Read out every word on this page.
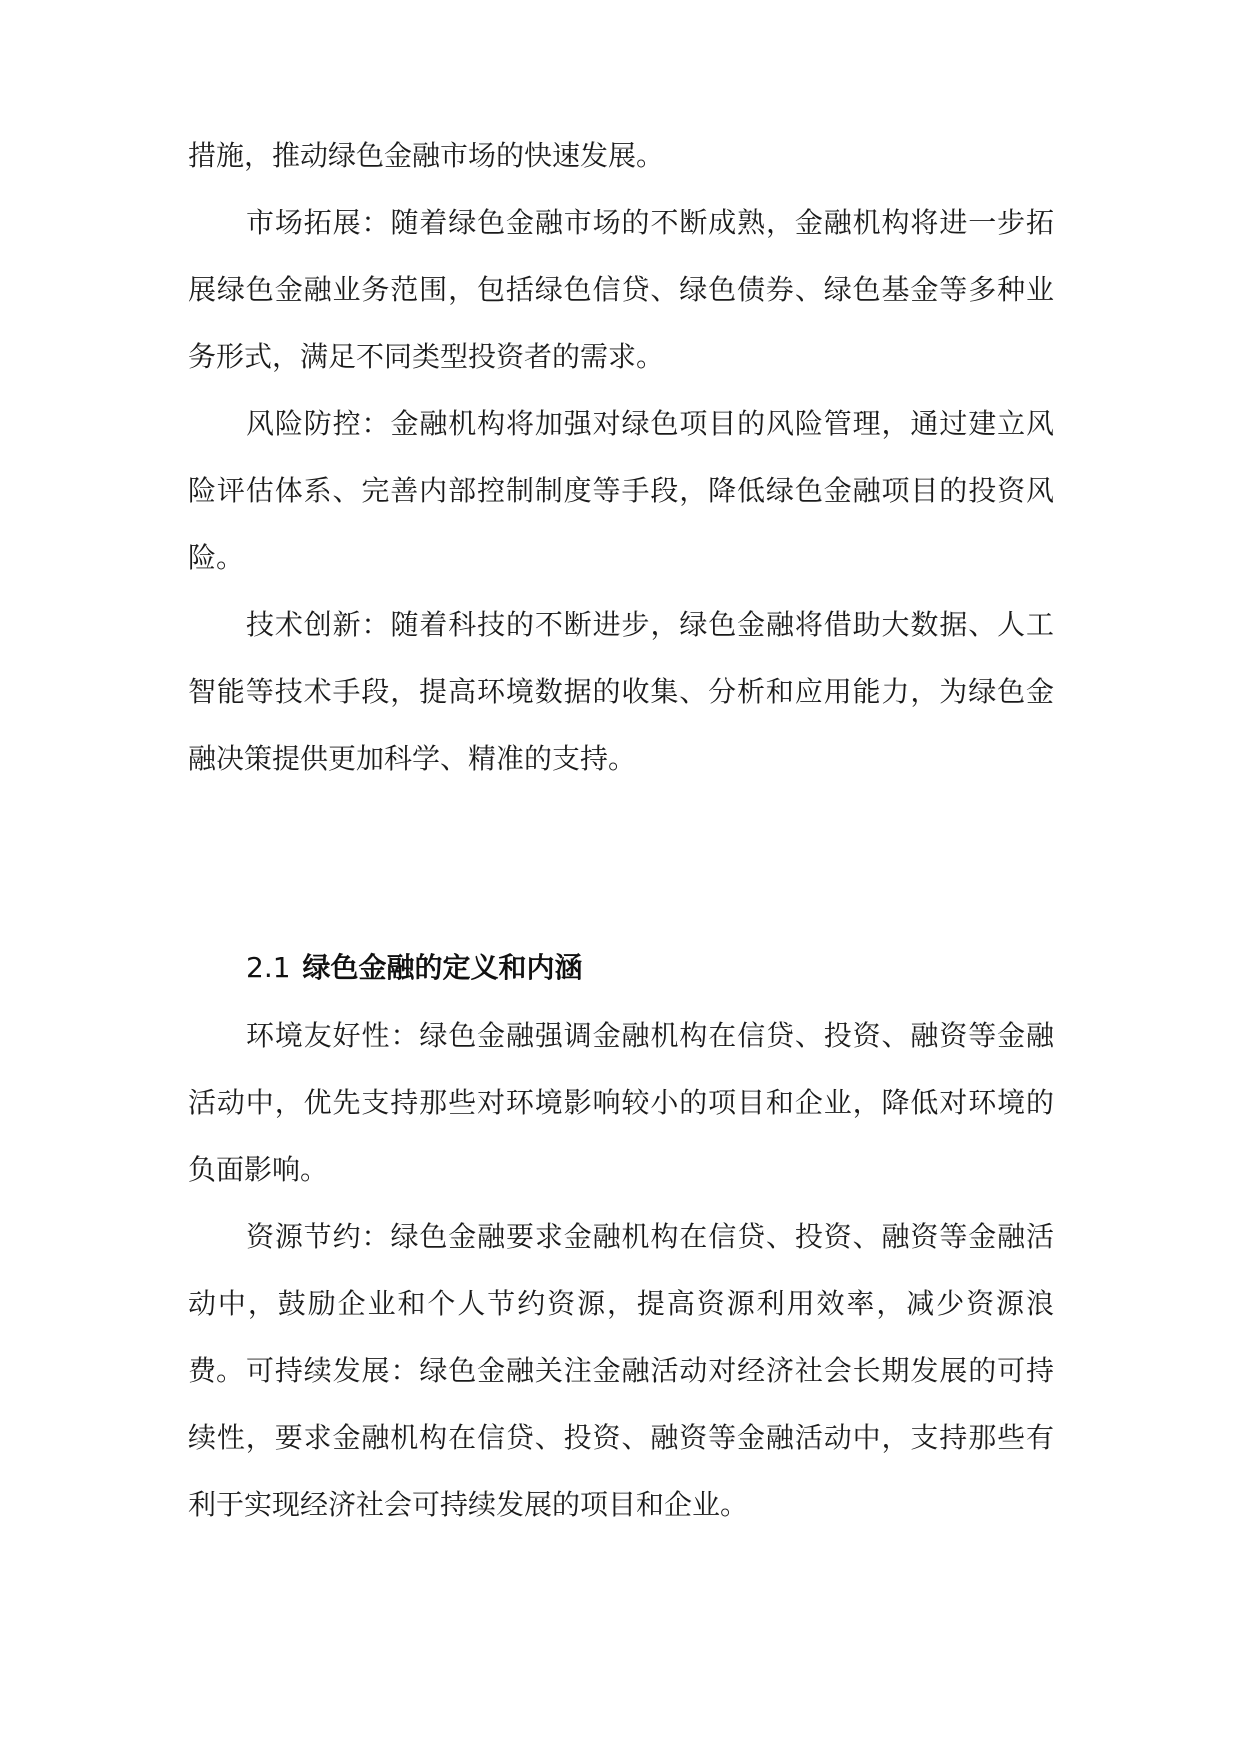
措施，推动绿色金融市场的快速发展。

市场拓展：随着绿色金融市场的不断成熟，金融机构将进一步拓展绿色金融业务范围，包括绿色信贷、绿色债券、绿色基金等多种业务形式，满足不同类型投资者的需求。

风险防控：金融机构将加强对绿色项目的风险管理，通过建立风险评估体系、完善内部控制制度等手段，降低绿色金融项目的投资风险。

技术创新：随着科技的不断进步，绿色金融将借助大数据、人工智能等技术手段，提高环境数据的收集、分析和应用能力，为绿色金融决策提供更加科学、精准的支持。

2.1 绿色金融的定义和内涵

环境友好性：绿色金融强调金融机构在信贷、投资、融资等金融活动中，优先支持那些对环境影响较小的项目和企业，降低对环境的负面影响。

资源节约：绿色金融要求金融机构在信贷、投资、融资等金融活动中，鼓励企业和个人节约资源，提高资源利用效率，减少资源浪费。 可持续发展：绿色金融关注金融活动对经济社会长期发展的可持续性，要求金融机构在信贷、投资、融资等金融活动中，支持那些有利于实现经济社会可持续发展的项目和企业。
